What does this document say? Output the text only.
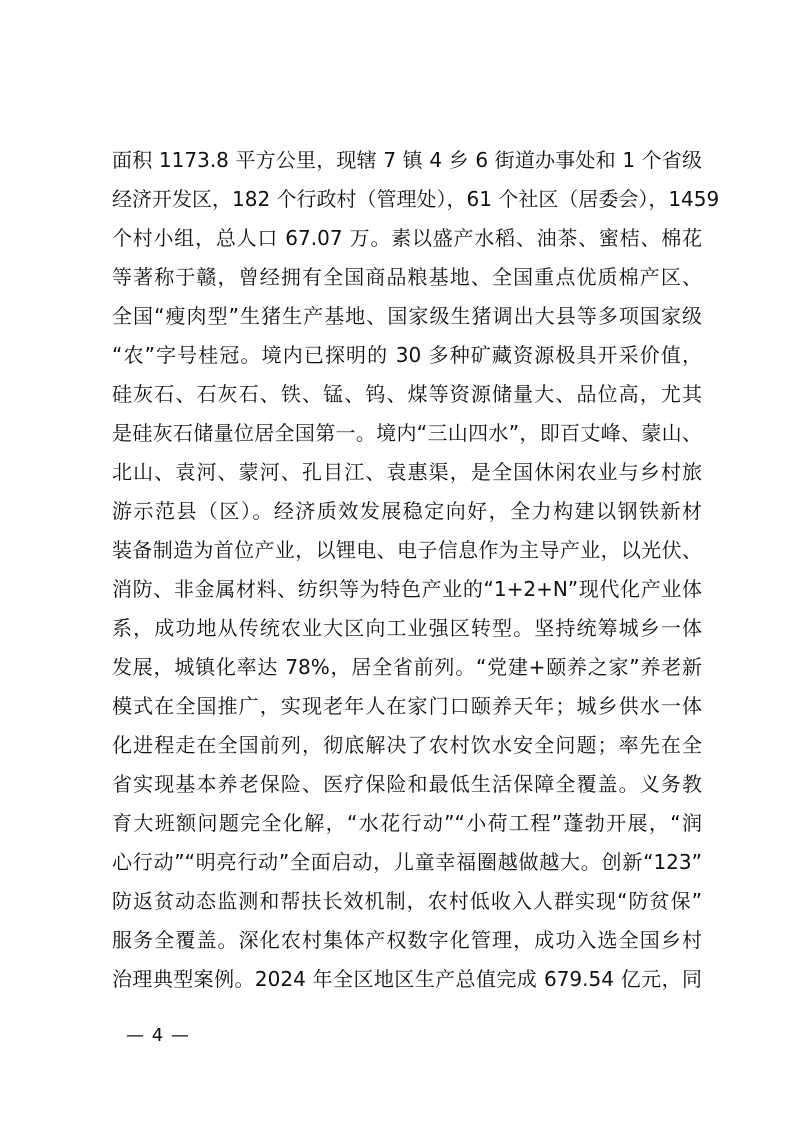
面积 1173.8 平方公里，现辖 7 镇 4 乡 6 街道办事处和 1 个省级
经济开发区，182 个行政村（管理处），61 个社区（居委会），1459
个村小组，总人口 67.07 万。素以盛产水稻、油茶、蜜桔、棉花
等著称于赣，曾经拥有全国商品粮基地、全国重点优质棉产区、
全国“瘦肉型”生猪生产基地、国家级生猪调出大县等多项国家级
“农”字号桂冠。境内已探明的 30 多种矿藏资源极具开采价值，
硅灰石、石灰石、铁、锰、钨、煤等资源储量大、品位高，尤其
是硅灰石储量位居全国第一。境内“三山四水”，即百丈峰、蒙山、
北山、袁河、蒙河、孔目江、袁惠渠，是全国休闲农业与乡村旅
游示范县（区）。经济质效发展稳定向好，全力构建以钢铁新材
装备制造为首位产业，以锂电、电子信息作为主导产业，以光伏、
消防、非金属材料、纺织等为特色产业的“1+2+N”现代化产业体
系，成功地从传统农业大区向工业强区转型。坚持统筹城乡一体
发展，城镇化率达 78%，居全省前列。“党建+颐养之家”养老新
模式在全国推广，实现老年人在家门口颐养天年；城乡供水一体
化进程走在全国前列，彻底解决了农村饮水安全问题；率先在全
省实现基本养老保险、医疗保险和最低生活保障全覆盖。义务教
育大班额问题完全化解，“水花行动”“小荷工程”蓬勃开展，“润
心行动”“明亮行动”全面启动，儿童幸福圈越做越大。创新“123”
防返贫动态监测和帮扶长效机制，农村低收入人群实现“防贫保”
服务全覆盖。深化农村集体产权数字化管理，成功入选全国乡村
治理典型案例。2024 年全区地区生产总值完成 679.54 亿元，同
— 4 —
